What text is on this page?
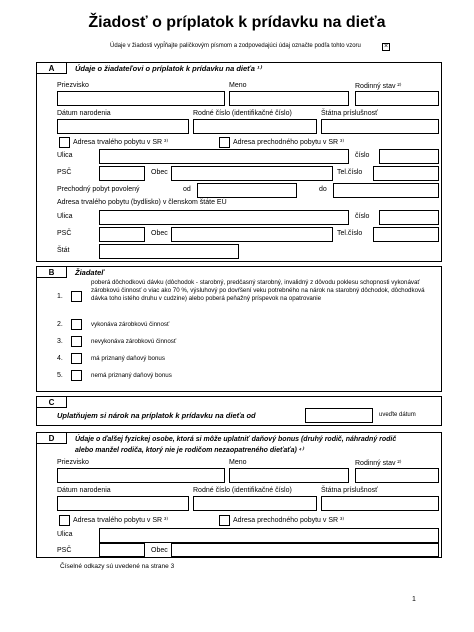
Žiadosť o príplatok k prídavku na dieťa
Údaje v žiadosti vypĺňajte paličkovým písmom a zodpovedajúci údaj označte podľa tohto vzoru	×
A	Údaje o žiadateľovi o príplatok k prídavku na dieťa ¹⁾
Priezvisko	Meno	Rodinný stav ²⁾
Dátum narodenia	Rodné číslo (identifikačné číslo)	Štátna príslušnosť
Adresa trvalého pobytu v SR ³⁾	Adresa prechodného pobytu v SR ³⁾
Ulica	číslo
PSČ	Obec	Tel.číslo
Prechodný pobyt povolený	od	do
Adresa trvalého pobytu (bydlisko) v členskom štáte EÚ
Ulica	číslo
PSČ	Obec	Tel.číslo
Štát
B	Žiadateľ
1.
poberá dôchodkovú dávku (dôchodok - starobný, predčasný starobný, invalidný z dôvodu poklesu schopnosti vykonávať zárobkovú činnosť o viac ako 70 %, výsluhový po dovŕšení veku potrebného na nárok na starobný dôchodok, dôchodková dávka toho istého druhu v cudzine) alebo poberá peňažný príspevok na opatrovanie
2.	vykonáva zárobkovú činnosť
3.	nevykonáva zárobkovú činnosť
4.	má priznaný daňový bonus
5.	nemá priznaný daňový bonus
C
Uplatňujem si nárok na príplatok k prídavku na dieťa od	uveďte dátum
D	Údaje o ďalšej fyzickej osobe, ktorá si môže uplatniť daňový bonus (druhý rodič, náhradný rodič
alebo manžel rodiča, ktorý nie je rodičom nezaopatreného dieťaťa) ⁴⁾
Priezvisko	Meno	Rodinný stav ²⁾
Dátum narodenia	Rodné číslo (identifikačné číslo)	Štátna príslušnosť
Adresa trvalého pobytu v SR ³⁾	Adresa prechodného pobytu v SR ³⁾
Ulica
PSČ	Obec
Číselné odkazy sú uvedené na strane 3
1
